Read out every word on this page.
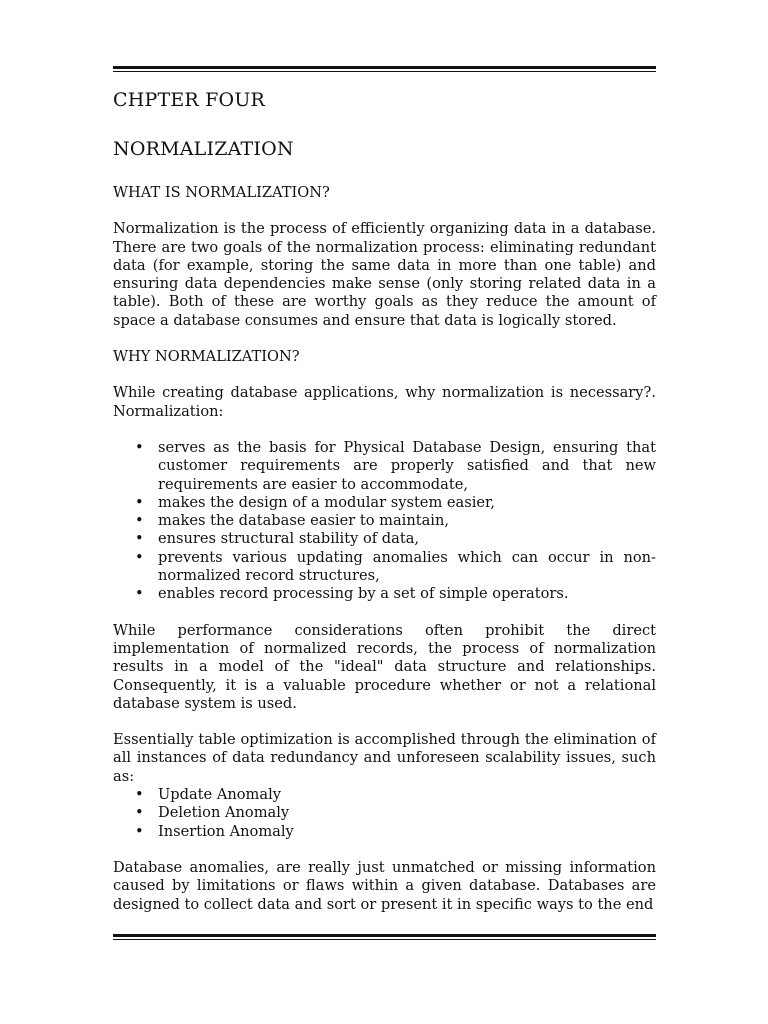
CHPTER FOUR
NORMALIZATION
WHAT IS NORMALIZATION?

Normalization is the process of efficiently organizing data in a database. There are two goals of the normalization process: eliminating redundant data (for example, storing the same data in more than one table) and ensuring data dependencies make sense (only storing related data in a table). Both of these are worthy goals as they reduce the amount of space a database consumes and ensure that data is logically stored.

WHY NORMALIZATION?

While creating database applications, why normalization is necessary?. Normalization:

• serves as the basis for Physical Database Design, ensuring that customer requirements are properly satisfied and that new requirements are easier to accommodate,
• makes the design of a modular system easier,
• makes the database easier to maintain,
• ensures structural stability of data,
• prevents various updating anomalies which can occur in non-normalized record structures,
• enables record processing by a set of simple operators.

While performance considerations often prohibit the direct implementation of normalized records, the process of normalization results in a model of the "ideal" data structure and relationships. Consequently, it is a valuable procedure whether or not a relational database system is used.

Essentially table optimization is accomplished through the elimination of all instances of data redundancy and unforeseen scalability issues, such as:

• Update Anomaly
• Deletion Anomaly
• Insertion Anomaly

Database anomalies, are really just unmatched or missing information caused by limitations or flaws within a given database. Databases are designed to collect data and sort or present it in specific ways to the end
